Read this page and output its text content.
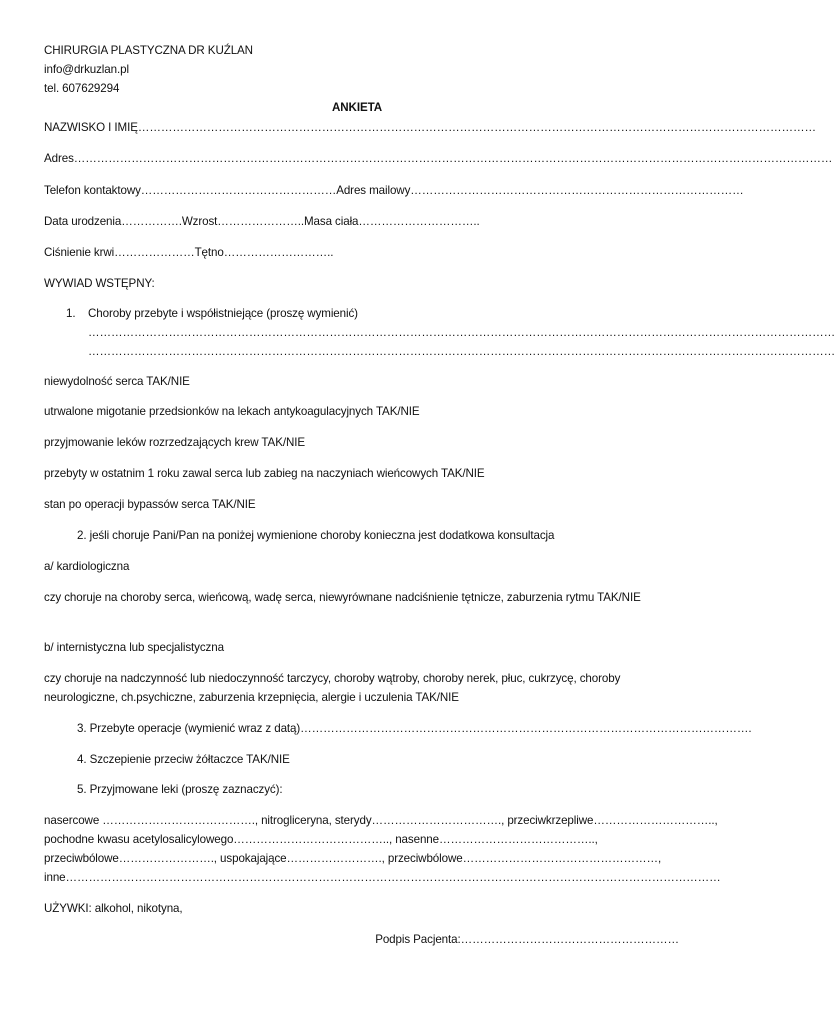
CHIRURGIA PLASTYCZNA DR KUŹLAN
info@drkuzlan.pl
tel. 607629294
ANKIETA
NAZWISKO I IMIĘ……………………………………………………………………………………………………………………………………………………………
Adres………………………………………………………………………………………………………………………………………………………………………………
Telefon kontaktowy……………………………………………Adres mailowy……………………………………………………………………………
Data urodzenia…………….Wzrost…………………..Masa ciała…………………………..
Ciśnienie krwi…………………Tętno………………………..
WYWIAD WSTĘPNY:
1. Choroby przebyte i współistniejące (proszę wymienić)
……………………………………………………………………………………………………………………………………………………………………………
……………………………………………………………………………………………………………………………………………………………………………
niewydolność serca TAK/NIE
utrwalone migotanie przedsionków na lekach antykoagulacyjnych TAK/NIE
przyjmowanie leków rozrzedzających krew TAK/NIE
przebyty w ostatnim 1 roku zawal serca lub zabieg na naczyniach wieńcowych TAK/NIE
stan po operacji bypassów serca TAK/NIE
2. jeśli choruje Pani/Pan na poniżej wymienione choroby konieczna jest dodatkowa konsultacja
a/ kardiologiczna
czy choruje na choroby serca, wieńcową, wadę serca, niewyrównane nadciśnienie tętnicze, zaburzenia rytmu TAK/NIE
b/ internistyczna lub specjalistyczna
czy choruje na nadczynność lub niedoczynność tarczycy, choroby wątroby, choroby nerek, płuc, cukrzycę, choroby neurologiczne, ch.psychiczne, zaburzenia krzepnięcia, alergie i uczulenia TAK/NIE
3. Przebyte operacje (wymienić wraz z datą)……………………………………………………………………………………………………….
4. Szczepienie przeciw żółtaczce TAK/NIE
5. Przyjmowane leki (proszę zaznaczyć):
nasercowe …………………………………., nitrogliceryna, sterydy……………………………., przeciwkrzepliwe…………………………..,
pochodne kwasu acetylosalicylowego………………………………….., nasenne…………………………………..,
przeciwbólowe……………………., uspokajające……………………., przeciwbólowe……………………………………………,
inne………………………………………………………………………………………………………………………………………………………
UŻYWKI: alkohol, nikotyna,
Podpis Pacjenta:…………………………………………………
